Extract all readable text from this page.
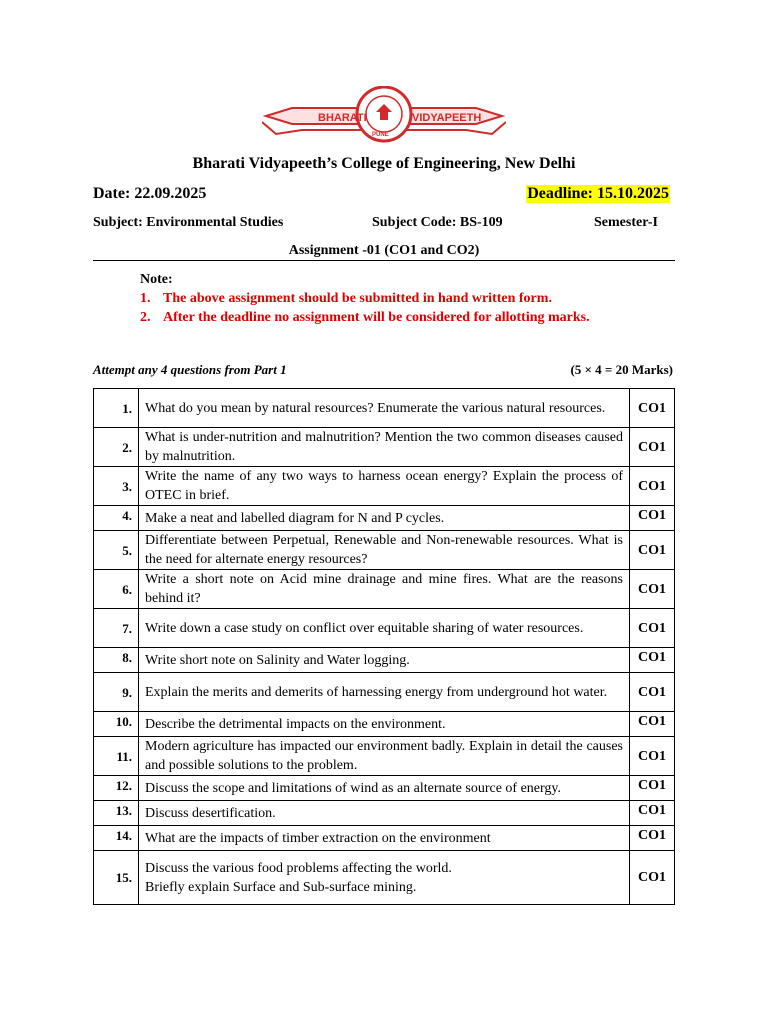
BHARATI	VIDYAPEETH
PUNE
Bharati Vidyapeeth’s College of Engineering, New Delhi
Date: 22.09.2025	Deadline: 15.10.2025
Subject: Environmental Studies	Subject Code: BS-109	Semester-I
Assignment -01 (CO1 and CO2)
Note:
1. The above assignment should be submitted in hand written form.
2. After the deadline no assignment will be considered for allotting marks.
Attempt any 4 questions from Part 1	(5 × 4 = 20 Marks)
1.	What do you mean by natural resources? Enumerate the various natural resources.	CO1
2.	What is under-nutrition and malnutrition? Mention the two common diseases caused by malnutrition.	CO1
3.	Write the name of any two ways to harness ocean energy? Explain the process of OTEC in brief.	CO1
4.	Make a neat and labelled diagram for N and P cycles.	CO1
5.	Differentiate between Perpetual, Renewable and Non-renewable resources. What is the need for alternate energy resources?	CO1
6.	Write a short note on Acid mine drainage and mine fires. What are the reasons behind it?	CO1
7.	Write down a case study on conflict over equitable sharing of water resources.	CO1
8.	Write short note on Salinity and Water logging.	CO1
9.	Explain the merits and demerits of harnessing energy from underground hot water.	CO1
10.	Describe the detrimental impacts on the environment.	CO1
11.	Modern agriculture has impacted our environment badly. Explain in detail the causes and possible solutions to the problem.	CO1
12.	Discuss the scope and limitations of wind as an alternate source of energy.	CO1
13.	Discuss desertification.	CO1
14.	What are the impacts of timber extraction on the environment	CO1
15.	Discuss the various food problems affecting the world.
Briefly explain Surface and Sub-surface mining.	CO1
